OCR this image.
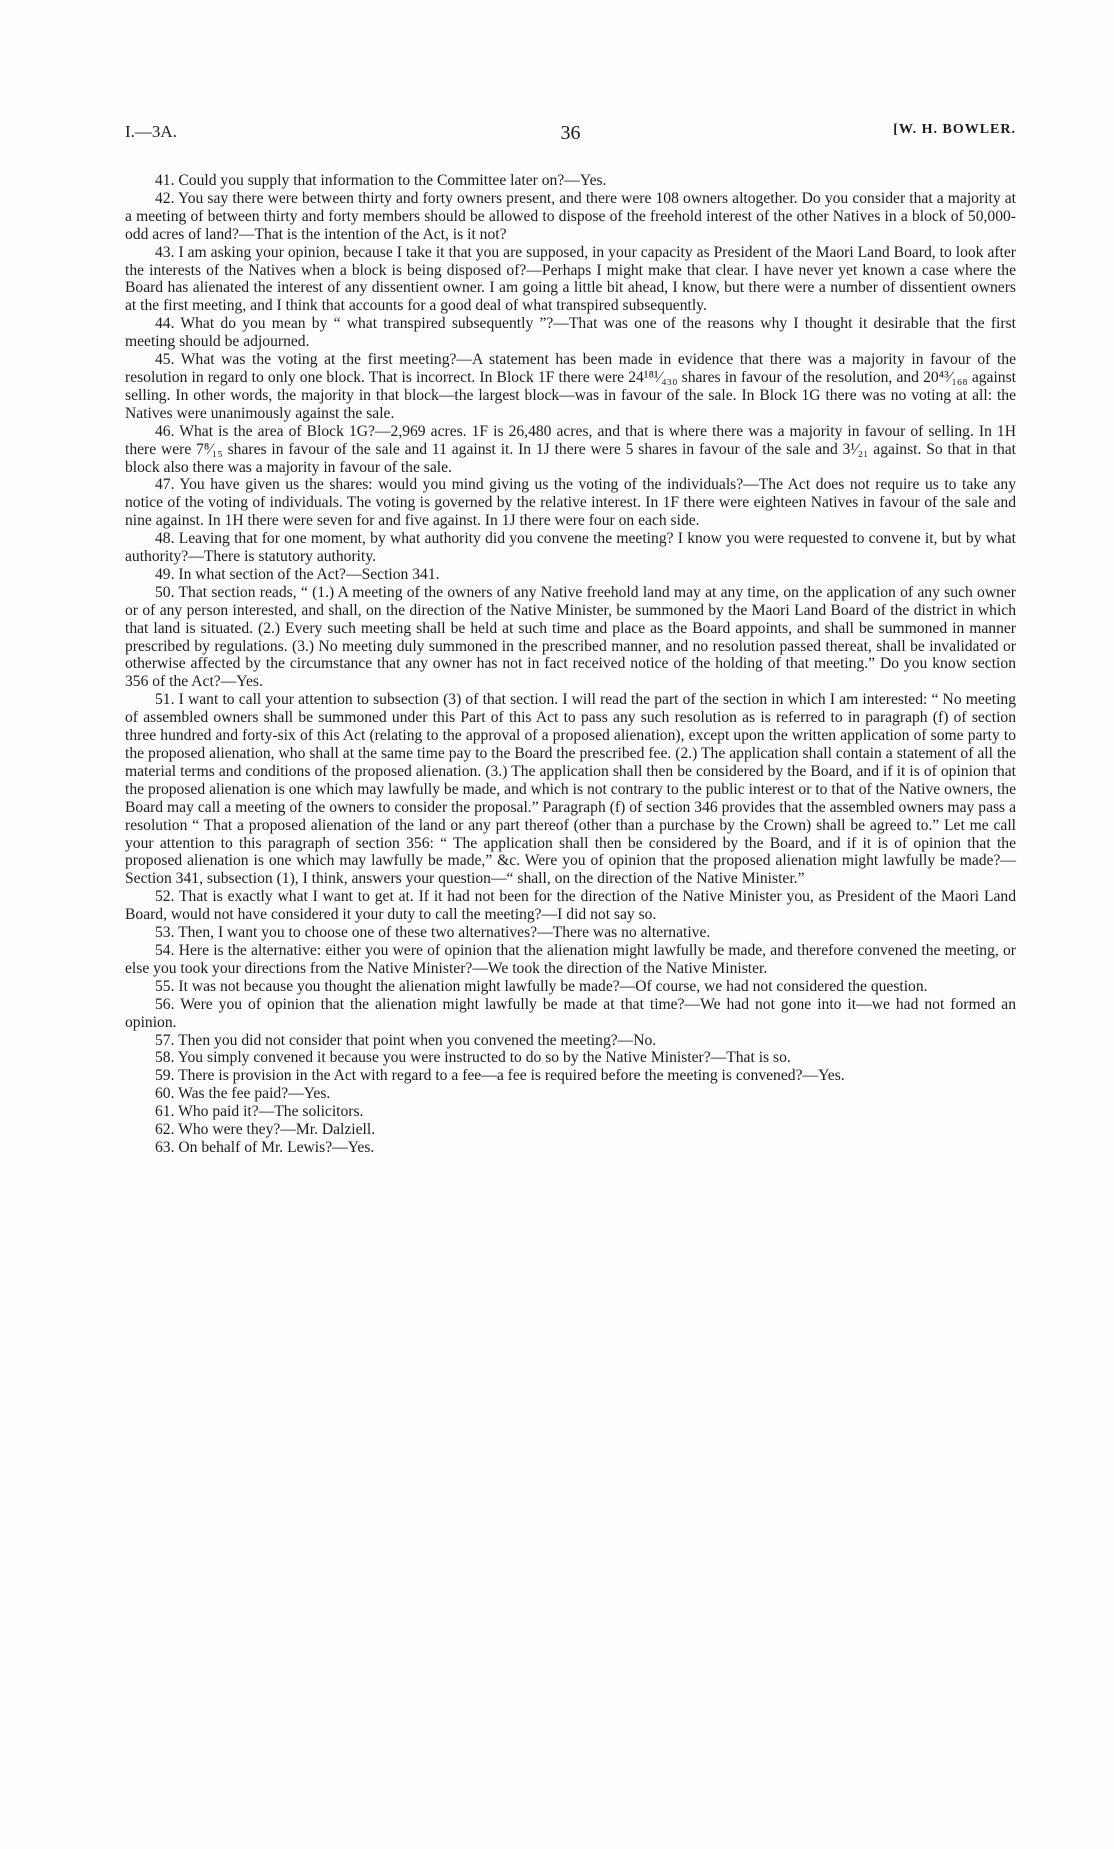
I.—3A.	36	[W. H. BOWLER.

41. Could you supply that information to the Committee later on?—Yes.

42. You say there were between thirty and forty owners present, and there were 108 owners altogether. Do you consider that a majority at a meeting of between thirty and forty members should be allowed to dispose of the freehold interest of the other Natives in a block of 50,000-odd acres of land?—That is the intention of the Act, is it not?

43. I am asking your opinion, because I take it that you are supposed, in your capacity as President of the Maori Land Board, to look after the interests of the Natives when a block is being disposed of?—Perhaps I might make that clear. I have never yet known a case where the Board has alienated the interest of any dissentient owner. I am going a little bit ahead, I know, but there were a number of dissentient owners at the first meeting, and I think that accounts for a good deal of what transpired subsequently.

44. What do you mean by “ what transpired subsequently ”?—That was one of the reasons why I thought it desirable that the first meeting should be adjourned.

45. What was the voting at the first meeting?—A statement has been made in evidence that there was a majority in favour of the resolution in regard to only one block. That is incorrect. In Block 1F there were 24¹⁸¹⁄₄₃₀ shares in favour of the resolution, and 20⁴³⁄₁₆₈ against selling. In other words, the majority in that block—the largest block—was in favour of the sale. In Block 1G there was no voting at all: the Natives were unanimously against the sale.

46. What is the area of Block 1G?—2,969 acres. 1F is 26,480 acres, and that is where there was a majority in favour of selling. In 1H there were 7⁸⁄₁₅ shares in favour of the sale and 11 against it. In 1J there were 5 shares in favour of the sale and 3¹⁄₂₁ against. So that in that block also there was a majority in favour of the sale.

47. You have given us the shares: would you mind giving us the voting of the individuals?—The Act does not require us to take any notice of the voting of individuals. The voting is governed by the relative interest. In 1F there were eighteen Natives in favour of the sale and nine against. In 1H there were seven for and five against. In 1J there were four on each side.

48. Leaving that for one moment, by what authority did you convene the meeting? I know you were requested to convene it, but by what authority?—There is statutory authority.

49. In what section of the Act?—Section 341.

50. That section reads, “ (1.) A meeting of the owners of any Native freehold land may at any time, on the application of any such owner or of any person interested, and shall, on the direction of the Native Minister, be summoned by the Maori Land Board of the district in which that land is situated. (2.) Every such meeting shall be held at such time and place as the Board appoints, and shall be summoned in manner prescribed by regulations. (3.) No meeting duly summoned in the prescribed manner, and no resolution passed thereat, shall be invalidated or otherwise affected by the circumstance that any owner has not in fact received notice of the holding of that meeting.” Do you know section 356 of the Act?—Yes.

51. I want to call your attention to subsection (3) of that section. I will read the part of the section in which I am interested: “ No meeting of assembled owners shall be summoned under this Part of this Act to pass any such resolution as is referred to in paragraph (f) of section three hundred and forty-six of this Act (relating to the approval of a proposed alienation), except upon the written application of some party to the proposed alienation, who shall at the same time pay to the Board the prescribed fee. (2.) The application shall contain a statement of all the material terms and conditions of the proposed alienation. (3.) The application shall then be considered by the Board, and if it is of opinion that the proposed alienation is one which may lawfully be made, and which is not contrary to the public interest or to that of the Native owners, the Board may call a meeting of the owners to consider the proposal.” Paragraph (f) of section 346 provides that the assembled owners may pass a resolution “ That a proposed alienation of the land or any part thereof (other than a purchase by the Crown) shall be agreed to.” Let me call your attention to this paragraph of section 356: “ The application shall then be considered by the Board, and if it is of opinion that the proposed alienation is one which may lawfully be made,” &c. Were you of opinion that the proposed alienation might lawfully be made?—Section 341, subsection (1), I think, answers your question—“ shall, on the direction of the Native Minister.”

52. That is exactly what I want to get at. If it had not been for the direction of the Native Minister you, as President of the Maori Land Board, would not have considered it your duty to call the meeting?—I did not say so.

53. Then, I want you to choose one of these two alternatives?—There was no alternative.

54. Here is the alternative: either you were of opinion that the alienation might lawfully be made, and therefore convened the meeting, or else you took your directions from the Native Minister?—We took the direction of the Native Minister.

55. It was not because you thought the alienation might lawfully be made?—Of course, we had not considered the question.

56. Were you of opinion that the alienation might lawfully be made at that time?—We had not gone into it—we had not formed an opinion.

57. Then you did not consider that point when you convened the meeting?—No.

58. You simply convened it because you were instructed to do so by the Native Minister?—That is so.

59. There is provision in the Act with regard to a fee—a fee is required before the meeting is convened?—Yes.

60. Was the fee paid?—Yes.

61. Who paid it?—The solicitors.

62. Who were they?—Mr. Dalziell.

63. On behalf of Mr. Lewis?—Yes.
